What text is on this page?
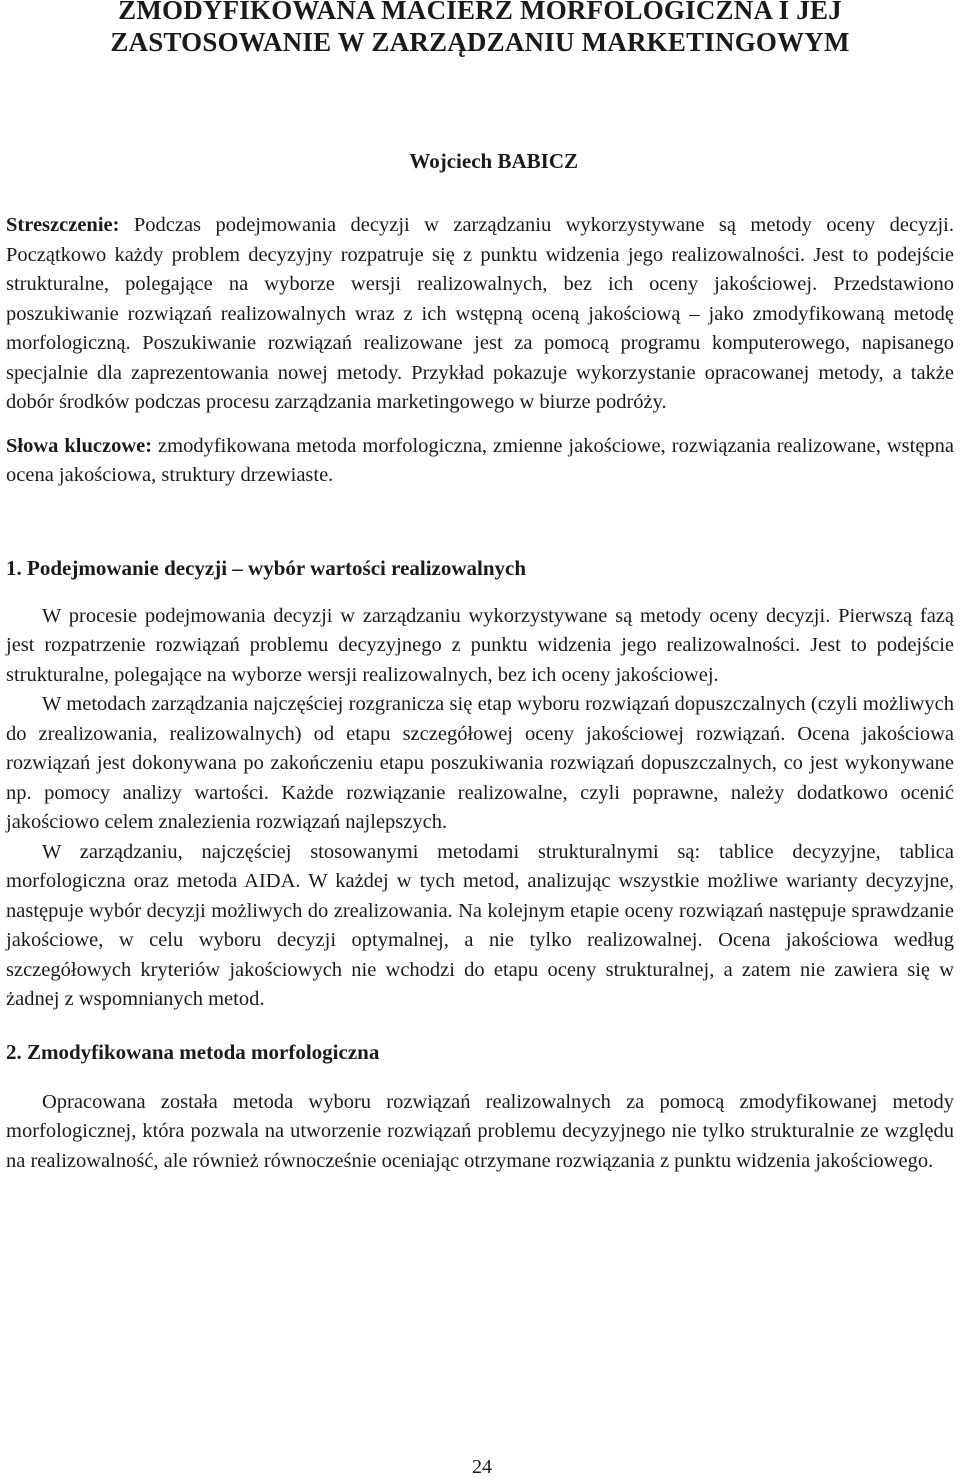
ZMODYFIKOWANA MACIERZ MORFOLOGICZNA I JEJ ZASTOSOWANIE W ZARZĄDZANIU MARKETINGOWYM

Wojciech BABICZ

Streszczenie: Podczas podejmowania decyzji w zarządzaniu wykorzystywane są metody oceny decyzji. Początkowo każdy problem decyzyjny rozpatruje się z punktu widzenia jego realizowalności. Jest to podejście strukturalne, polegające na wyborze wersji realizowalnych, bez ich oceny jakościowej. Przedstawiono poszukiwanie rozwiązań realizowalnych wraz z ich wstępną oceną jakościową – jako zmodyfikowaną metodę morfologiczną. Poszukiwanie rozwiązań realizowane jest za pomocą programu komputerowego, napisanego specjalnie dla zaprezentowania nowej metody. Przykład pokazuje wykorzystanie opracowanej metody, a także dobór środków podczas procesu zarządzania marketingowego w biurze podróży.

Słowa kluczowe: zmodyfikowana metoda morfologiczna, zmienne jakościowe, rozwiązania realizowane, wstępna ocena jakościowa, struktury drzewiaste.

1. Podejmowanie decyzji – wybór wartości realizowalnych

W procesie podejmowania decyzji w zarządzaniu wykorzystywane są metody oceny decyzji. Pierwszą fazą jest rozpatrzenie rozwiązań problemu decyzyjnego z punktu widzenia jego realizowalności. Jest to podejście strukturalne, polegające na wyborze wersji realizowalnych, bez ich oceny jakościowej.

W metodach zarządzania najczęściej rozgranicza się etap wyboru rozwiązań dopuszczalnych (czyli możliwych do zrealizowania, realizowalnych) od etapu szczegółowej oceny jakościowej rozwiązań. Ocena jakościowa rozwiązań jest dokonywana po zakończeniu etapu poszukiwania rozwiązań dopuszczalnych, co jest wykonywane np. pomocy analizy wartości. Każde rozwiązanie realizowalne, czyli poprawne, należy dodatkowo ocenić jakościowo celem znalezienia rozwiązań najlepszych.

W zarządzaniu, najczęściej stosowanymi metodami strukturalnymi są: tablice decyzyjne, tablica morfologiczna oraz metoda AIDA. W każdej w tych metod, analizując wszystkie możliwe warianty decyzyjne, następuje wybór decyzji możliwych do zrealizowania. Na kolejnym etapie oceny rozwiązań następuje sprawdzanie jakościowe, w celu wyboru decyzji optymalnej, a nie tylko realizowalnej. Ocena jakościowa według szczegółowych kryteriów jakościowych nie wchodzi do etapu oceny strukturalnej, a zatem nie zawiera się w żadnej z wspomnianych metod.

2. Zmodyfikowana metoda morfologiczna

Opracowana została metoda wyboru rozwiązań realizowalnych za pomocą zmodyfikowanej metody morfologicznej, która pozwala na utworzenie rozwiązań problemu decyzyjnego nie tylko strukturalnie ze względu na realizowalność, ale również równocześnie oceniając otrzymane rozwiązania z punktu widzenia jakościowego.

24
